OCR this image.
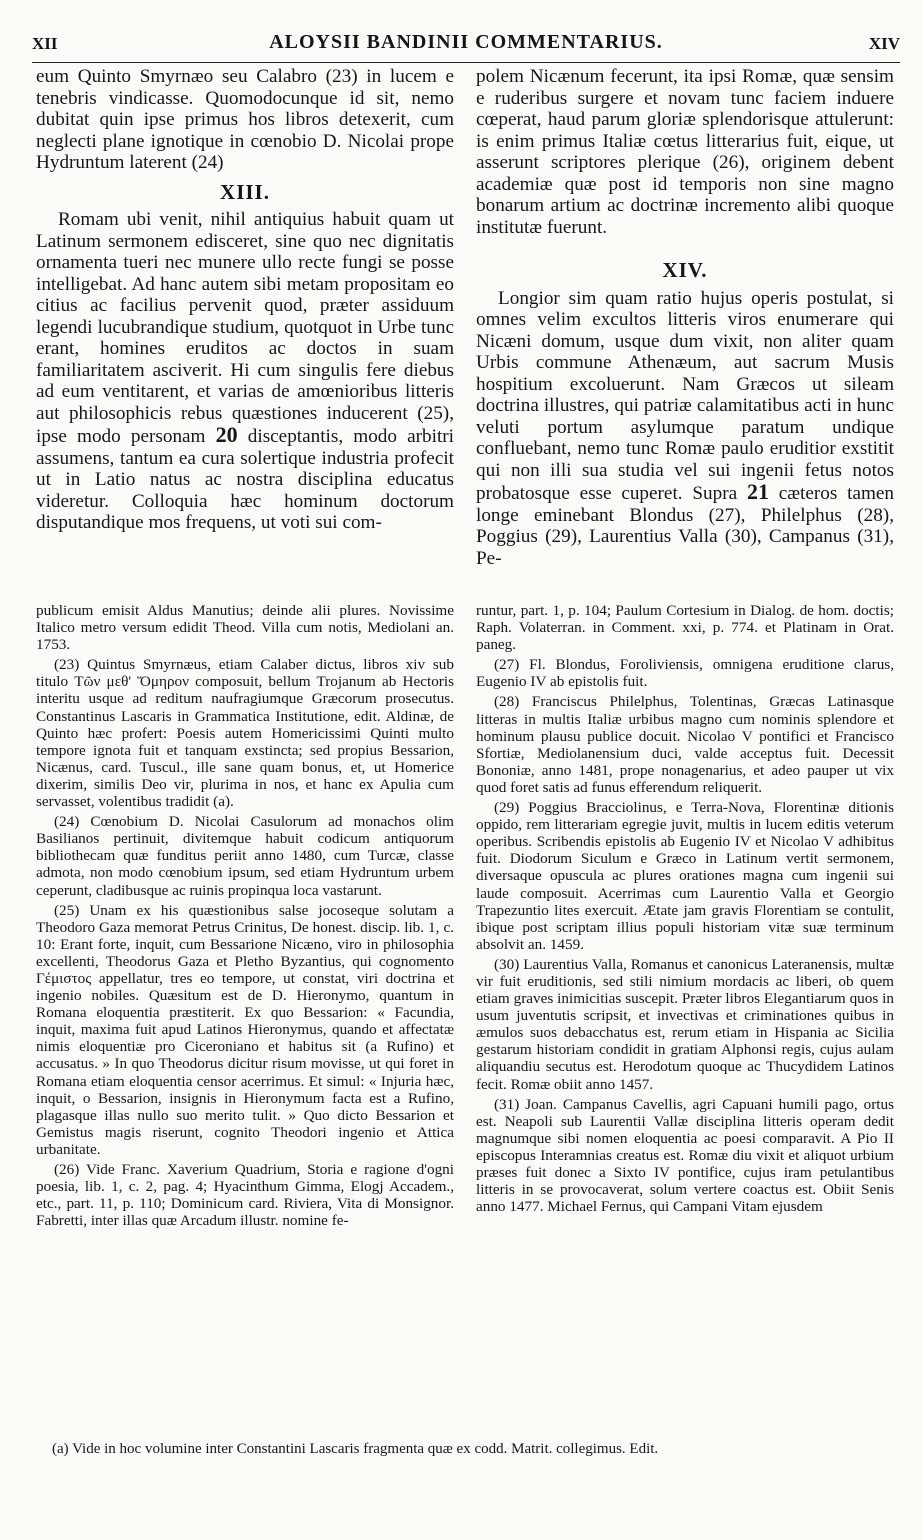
XII	ALOYSII BANDINII COMMENTARIUS.	XIV

eum Quinto Smyrnæo seu Calabro (23) in lucem e tenebris vindicasse. Quomodocunque id sit, nemo dubitat quin ipse primus hos libros detexerit, cum neglecti plane ignotique in cœnobio D. Nicolai prope Hydruntum laterent (24)

XIII.

Romam ubi venit, nihil antiquius habuit quam ut Latinum sermonem edisceret, sine quo nec dignitatis ornamenta tueri nec munere ullo recte fungi se posse intelligebat. Ad hanc autem sibi metam propositam eo citius ac facilius pervenit quod, præter assiduum legendi lucubrandique studium, quotquot in Urbe tunc erant, homines eruditos ac doctos in suam familiaritatem asciverit. Hi cum singulis fere diebus ad eum ventitarent, et varias de amœnioribus litteris aut philosophicis rebus quæstiones inducerent (25), ipse modo personam 20 disceptantis, modo arbitri assumens, tantum ea cura solertique industria profecit ut in Latio natus ac nostra disciplina educatus videretur. Colloquia hæc hominum doctorum disputandique mos frequens, ut voti sui com-

publicum emisit Aldus Manutius; deinde alii plures. Novissime Italico metro versum edidit Theod. Villa cum notis, Mediolani an. 1753.

(23) Quintus Smyrnæus, etiam Calaber dictus, libros xiv sub titulo Τῶν μεθ' Ὅμηρον composuit, bellum Trojanum ab Hectoris interitu usque ad reditum naufragiumque Græcorum prosecutus. Constantinus Lascaris in Grammatica Institutione, edit. Aldinæ, de Quinto hæc profert: Poesis autem Homericissimi Quinti multo tempore ignota fuit et tanquam exstincta; sed propius Bessarion, Nicænus, card. Tuscul., ille sane quam bonus, et, ut Homerice dixerim, similis Deo vir, plurima in nos, et hanc ex Apulia cum servasset, volentibus tradidit (a).

(24) Cœnobium D. Nicolai Casulorum ad monachos olim Basilianos pertinuit, divitemque habuit codicum antiquorum bibliothecam quæ funditus periit anno 1480, cum Turcæ, classe admota, non modo cœnobium ipsum, sed etiam Hydruntum urbem ceperunt, cladibusque ac ruinis propinqua loca vastarunt.

(25) Unam ex his quæstionibus salse jocoseque solutam a Theodoro Gaza memorat Petrus Crinitus, De honest. discip. lib. 1, c. 10: Erant forte, inquit, cum Bessarione Nicæno, viro in philosophia excellenti, Theodorus Gaza et Pletho Byzantius, qui cognomento Γέμιστος appellatur, tres eo tempore, ut constat, viri doctrina et ingenio nobiles. Quæsitum est de D. Hieronymo, quantum in Romana eloquentia præstiterit. Ex quo Bessarion: « Facundia, inquit, maxima fuit apud Latinos Hieronymus, quando et affectatæ nimis eloquentiæ pro Ciceroniano et habitus sit (a Rufino) et accusatus. » In quo Theodorus dicitur risum movisse, ut qui foret in Romana etiam eloquentia censor acerrimus. Et simul: « Injuria hæc, inquit, o Bessarion, insignis in Hieronymum facta est a Rufino, plagasque illas nullo suo merito tulit. » Quo dicto Bessarion et Gemistus magis riserunt, cognito Theodori ingenio et Attica urbanitate.

(26) Vide Franc. Xaverium Quadrium, Storia e ragione d'ogni poesia, lib. 1, c. 2, pag. 4; Hyacinthum Gimma, Elogj Accadem., etc., part. 11, p. 110; Dominicum card. Riviera, Vita di Monsignor. Fabretti, inter illas quæ Arcadum illustr. nomine fe-

polem Nicænum fecerunt, ita ipsi Romæ, quæ sensim e ruderibus surgere et novam tunc faciem induere cœperat, haud parum gloriæ splendorisque attulerunt: is enim primus Italiæ cœtus litterarius fuit, eique, ut asserunt scriptores plerique (26), originem debent academiæ quæ post id temporis non sine magno bonarum artium ac doctrinæ incremento alibi quoque institutæ fuerunt.

XIV.

Longior sim quam ratio hujus operis postulat, si omnes velim excultos litteris viros enumerare qui Nicæni domum, usque dum vixit, non aliter quam Urbis commune Athenæum, aut sacrum Musis hospitium excoluerunt. Nam Græcos ut sileam doctrina illustres, qui patriæ calamitatibus acti in hunc veluti portum asylumque paratum undique confluebant, nemo tunc Romæ paulo eruditior exstitit qui non illi sua studia vel sui ingenii fetus notos probatosque esse cuperet. Supra 21 cæteros tamen longe eminebant Blondus (27), Philelphus (28), Poggius (29), Laurentius Valla (30), Campanus (31), Pe-

runtur, part. 1, p. 104; Paulum Cortesium in Dialog. de hom. doctis; Raph. Volaterran. in Comment. xxi, p. 774. et Platinam in Orat. paneg.

(27) Fl. Blondus, Foroliviensis, omnigena eruditione clarus, Eugenio IV ab epistolis fuit.

(28) Franciscus Philelphus, Tolentinas, Græcas Latinasque litteras in multis Italiæ urbibus magno cum nominis splendore et hominum plausu publice docuit. Nicolao V pontifici et Francisco Sfortiæ, Mediolanensium duci, valde acceptus fuit. Decessit Bononiæ, anno 1481, prope nonagenarius, et adeo pauper ut vix quod foret satis ad funus efferendum reliquerit.

(29) Poggius Bracciolinus, e Terra-Nova, Florentinæ ditionis oppido, rem litterariam egregie juvit, multis in lucem editis veterum operibus. Scribendis epistolis ab Eugenio IV et Nicolao V adhibitus fuit. Diodorum Siculum e Græco in Latinum vertit sermonem, diversaque opuscula ac plures orationes magna cum ingenii sui laude composuit. Acerrimas cum Laurentio Valla et Georgio Trapezuntio lites exercuit. Ætate jam gravis Florentiam se contulit, ibique post scriptam illius populi historiam vitæ suæ terminum absolvit an. 1459.

(30) Laurentius Valla, Romanus et canonicus Lateranensis, multæ vir fuit eruditionis, sed stili nimium mordacis ac liberi, ob quem etiam graves inimicitias suscepit. Præter libros Elegantiarum quos in usum juventutis scripsit, et invectivas et criminationes quibus in æmulos suos debacchatus est, rerum etiam in Hispania ac Sicilia gestarum historiam condidit in gratiam Alphonsi regis, cujus aulam aliquandiu secutus est. Herodotum quoque ac Thucydidem Latinos fecit. Romæ obiit anno 1457.

(31) Joan. Campanus Cavellis, agri Capuani humili pago, ortus est. Neapoli sub Laurentii Vallæ disciplina litteris operam dedit magnumque sibi nomen eloquentia ac poesi comparavit. A Pio II episcopus Interamnias creatus est. Romæ diu vixit et aliquot urbium præses fuit donec a Sixto IV pontifice, cujus iram petulantibus litteris in se provocaverat, solum vertere coactus est. Obiit Senis anno 1477. Michael Fernus, qui Campani Vitam ejusdem

(a) Vide in hoc volumine inter Constantini Lascaris fragmenta quæ ex codd. Matrit. collegimus. Edit.
